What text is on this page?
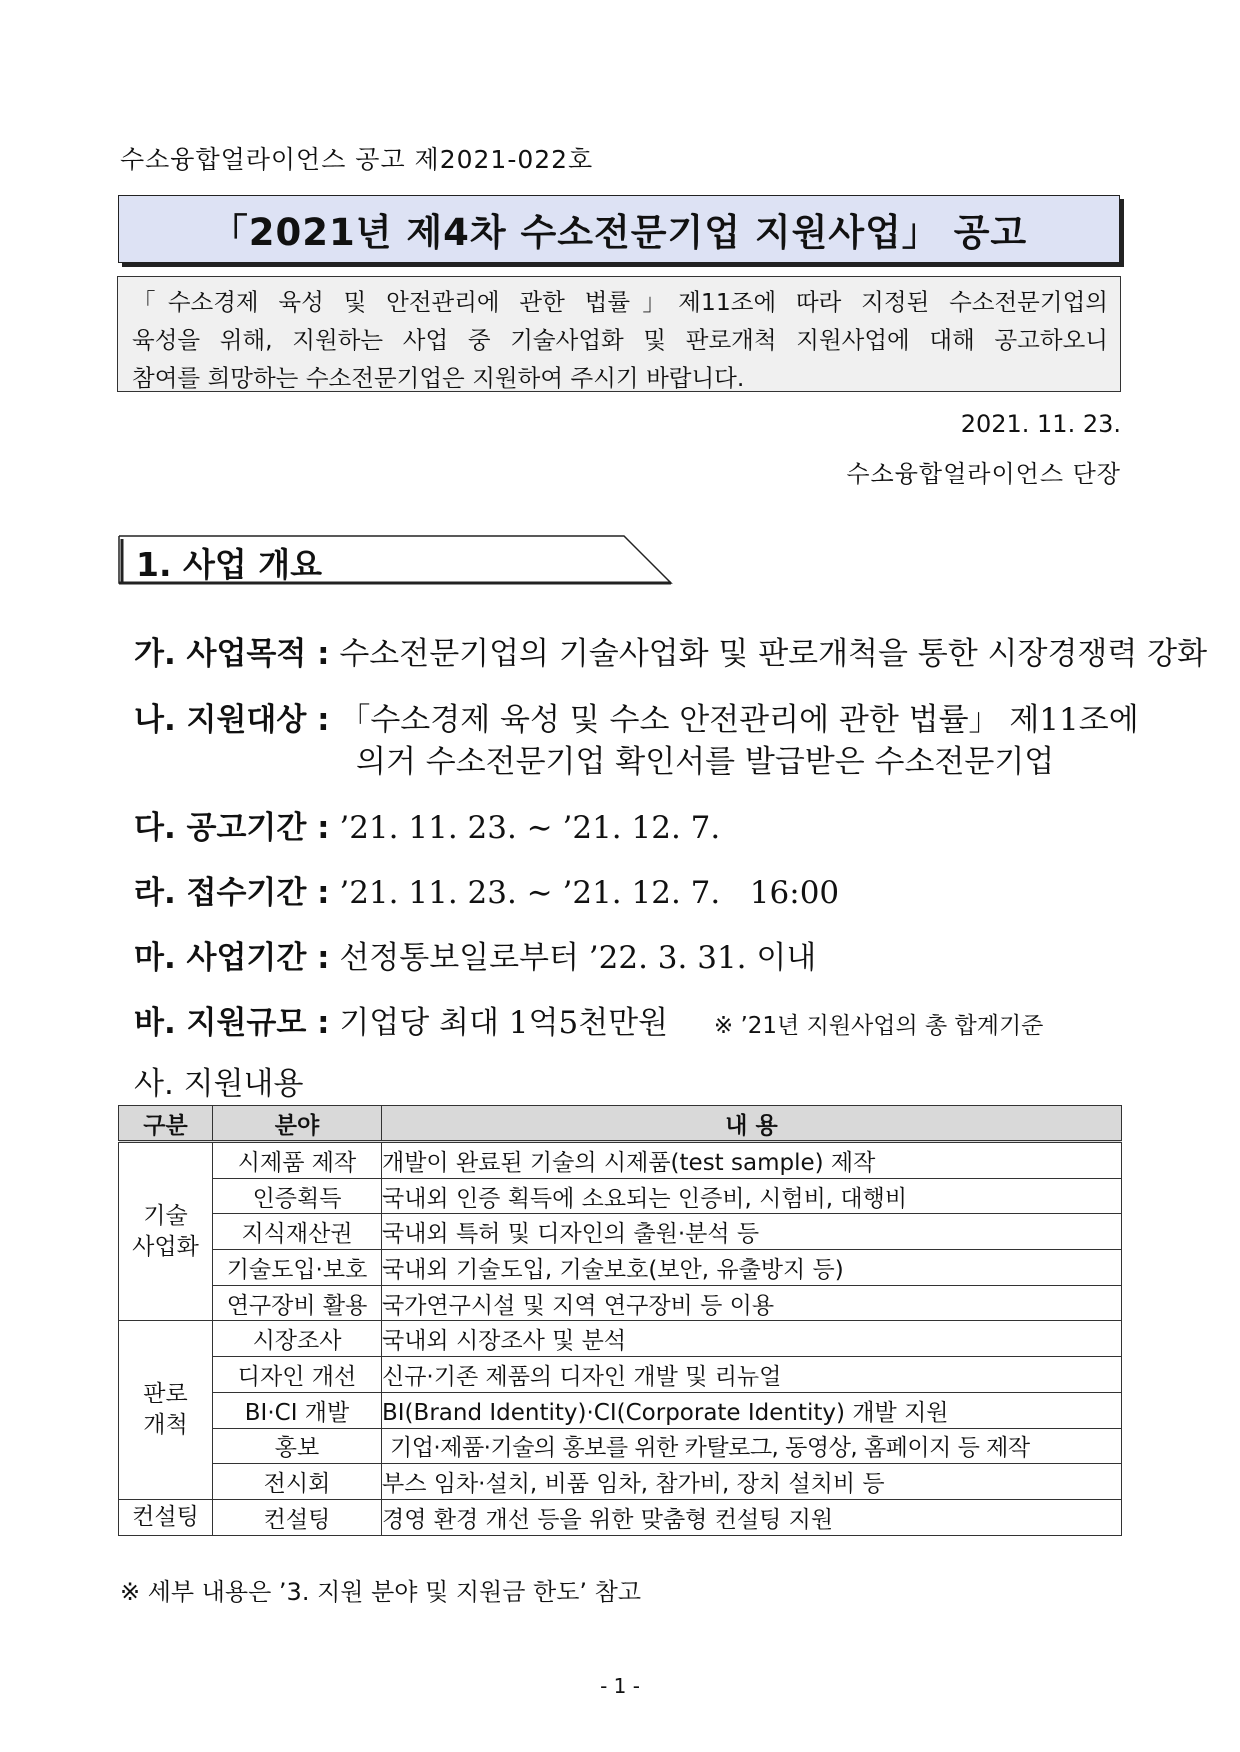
수소융합얼라이언스 공고 제2021-022호
「2021년 제4차 수소전문기업 지원사업」 공고
「수소경제 육성 및 안전관리에 관한 법률」제11조에 따라 지정된 수소전문기업의
육성을 위해, 지원하는 사업 중 기술사업화 및 판로개척 지원사업에 대해 공고하오니
참여를 희망하는 수소전문기업은 지원하여 주시기 바랍니다.
2021. 11. 23.
수소융합얼라이언스 단장
1. 사업 개요
가. 사업목적 : 수소전문기업의 기술사업화 및 판로개척을 통한 시장경쟁력 강화
나. 지원대상 : 「수소경제 육성 및 수소 안전관리에 관한 법률」 제11조에
의거 수소전문기업 확인서를 발급받은 수소전문기업
다. 공고기간 : ’21. 11. 23. ∼ ’21. 12. 7.
라. 접수기간 : ’21. 11. 23. ∼ ’21. 12. 7.   16:00
마. 사업기간 : 선정통보일로부터 ’22. 3. 31. 이내
바. 지원규모 : 기업당 최대 1억5천만원 ※ ’21년 지원사업의 총 합계기준
사. 지원내용
구분	분야	내 용
기술
사업화	시제품 제작	개발이 완료된 기술의 시제품(test sample) 제작
	인증획득	국내외 인증 획득에 소요되는 인증비, 시험비, 대행비
	지식재산권	국내외 특허 및 디자인의 출원·분석 등
	기술도입·보호	국내외 기술도입, 기술보호(보안, 유출방지 등)
	연구장비 활용	국가연구시설 및 지역 연구장비 등 이용
판로
개척	시장조사	국내외 시장조사 및 분석
	디자인 개선	신규·기존 제품의 디자인 개발 및 리뉴얼
	BI·CI 개발	BI(Brand Identity)·CI(Corporate Identity) 개발 지원
	홍보	기업·제품·기술의 홍보를 위한 카탈로그, 동영상, 홈페이지 등 제작
	전시회	부스 임차·설치, 비품 임차, 참가비, 장치 설치비 등
컨설팅	컨설팅	경영 환경 개선 등을 위한 맞춤형 컨설팅 지원
※ 세부 내용은 ’3. 지원 분야 및 지원금 한도’ 참고
- 1 -
